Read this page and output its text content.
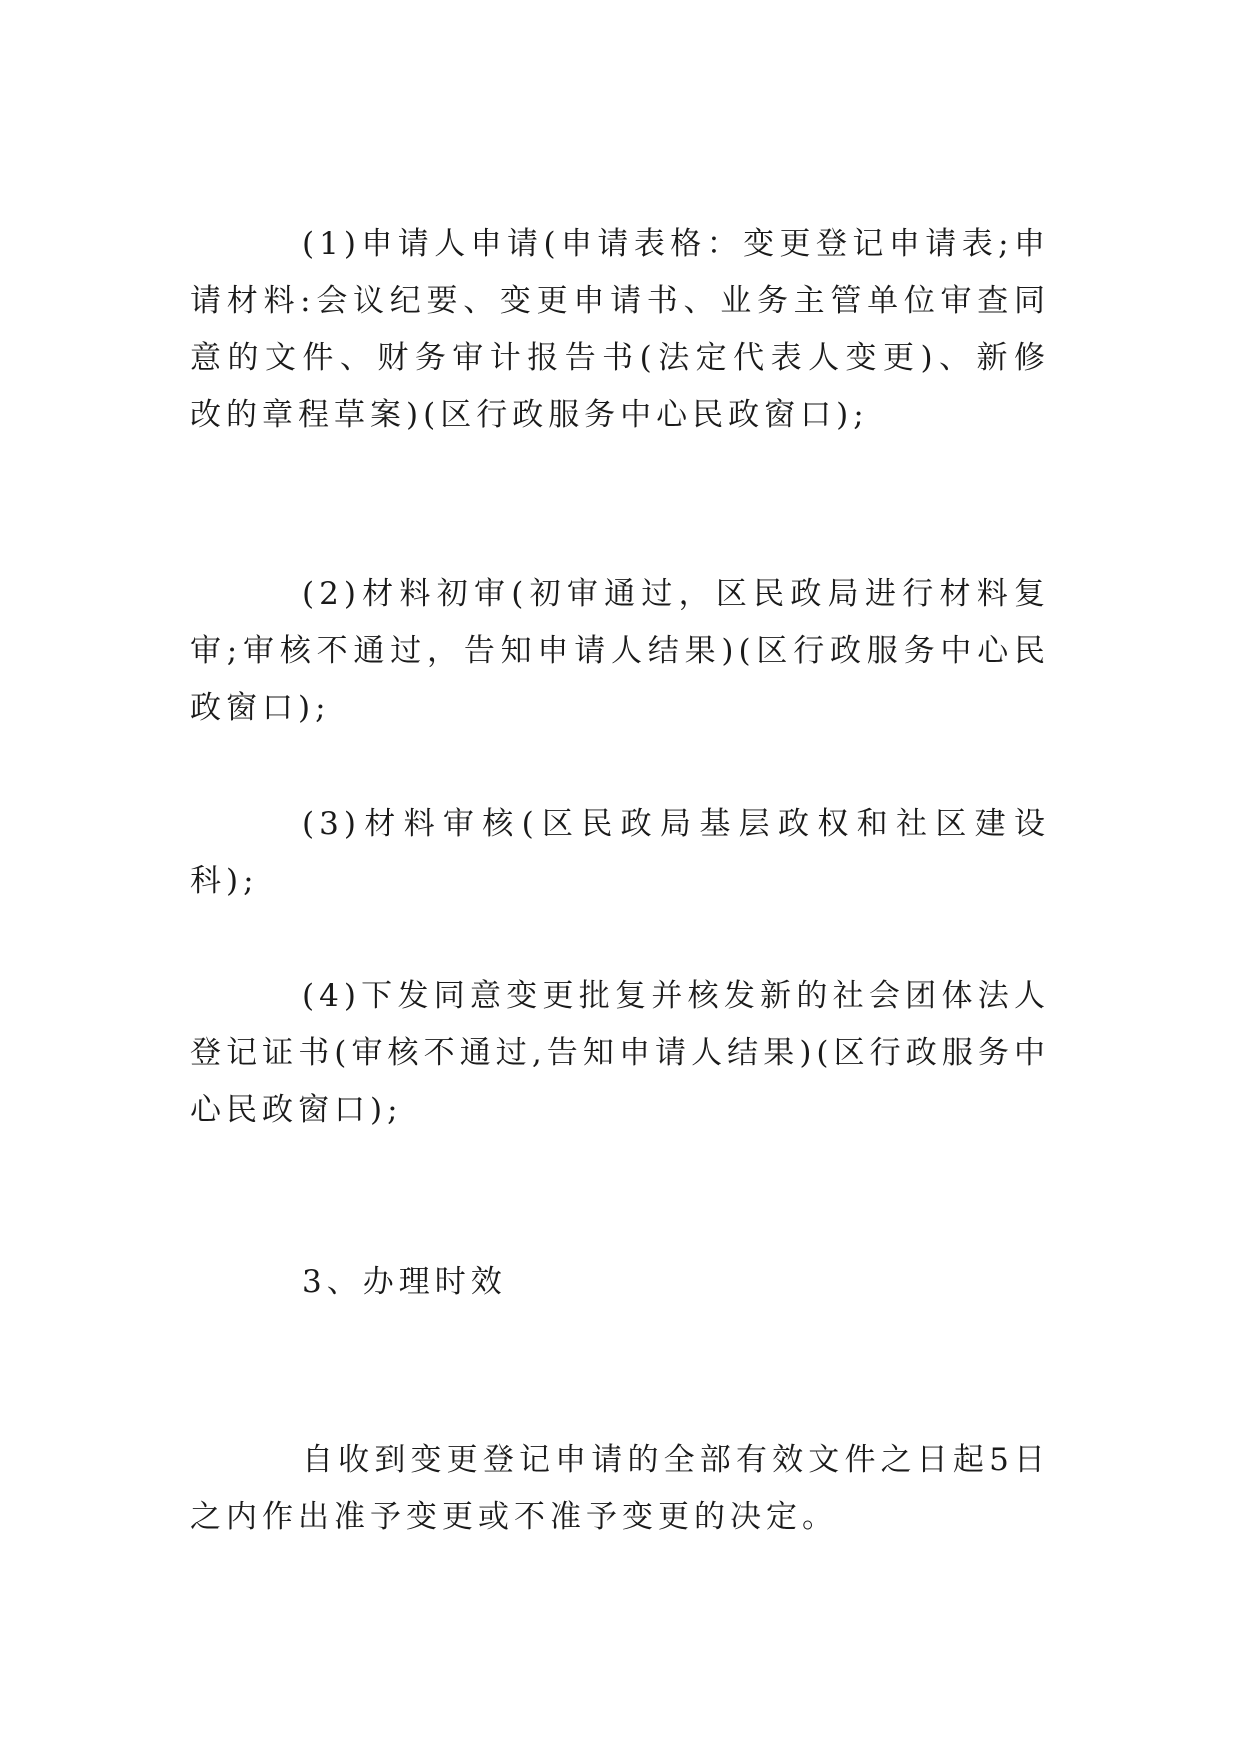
(1)申请人申请(申请表格：变更登记申请表;申请材料:会议纪要、变更申请书、业务主管单位审查同意的文件、财务审计报告书(法定代表人变更)、新修改的章程草案)(区行政服务中心民政窗口);

(2)材料初审(初审通过，区民政局进行材料复审;审核不通过，告知申请人结果)(区行政服务中心民政窗口);

(3)材料审核(区民政局基层政权和社区建设科);

(4)下发同意变更批复并核发新的社会团体法人登记证书(审核不通过,告知申请人结果)(区行政服务中心民政窗口);

3、办理时效

自收到变更登记申请的全部有效文件之日起5日之内作出准予变更或不准予变更的决定。
